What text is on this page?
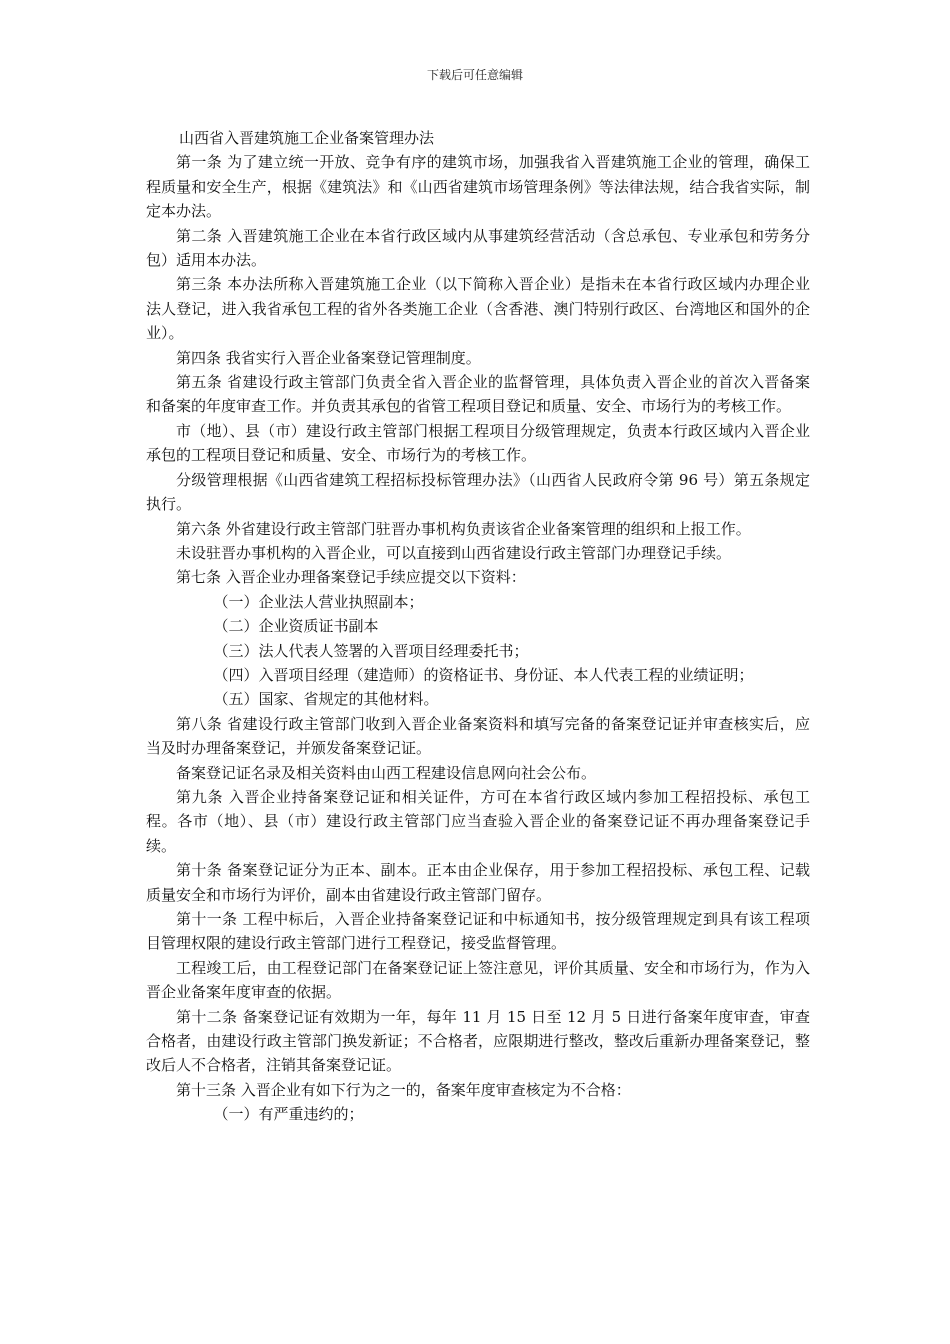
下载后可任意编辑

山西省入晋建筑施工企业备案管理办法

第一条 为了建立统一开放、竞争有序的建筑市场，加强我省入晋建筑施工企业的管理，确保工程质量和安全生产，根据《建筑法》和《山西省建筑市场管理条例》等法律法规，结合我省实际，制定本办法。

第二条 入晋建筑施工企业在本省行政区域内从事建筑经营活动（含总承包、专业承包和劳务分包）适用本办法。

第三条 本办法所称入晋建筑施工企业（以下简称入晋企业）是指未在本省行政区域内办理企业法人登记，进入我省承包工程的省外各类施工企业（含香港、澳门特别行政区、台湾地区和国外的企业）。

第四条 我省实行入晋企业备案登记管理制度。

第五条 省建设行政主管部门负责全省入晋企业的监督管理，具体负责入晋企业的首次入晋备案和备案的年度审查工作。并负责其承包的省管工程项目登记和质量、安全、市场行为的考核工作。

市（地）、县（市）建设行政主管部门根据工程项目分级管理规定，负责本行政区域内入晋企业承包的工程项目登记和质量、安全、市场行为的考核工作。

分级管理根据《山西省建筑工程招标投标管理办法》（山西省人民政府令第 96 号）第五条规定执行。

第六条 外省建设行政主管部门驻晋办事机构负责该省企业备案管理的组织和上报工作。

未设驻晋办事机构的入晋企业，可以直接到山西省建设行政主管部门办理登记手续。

第七条 入晋企业办理备案登记手续应提交以下资料：

（一）企业法人营业执照副本；

（二）企业资质证书副本

（三）法人代表人签署的入晋项目经理委托书；

（四）入晋项目经理（建造师）的资格证书、身份证、本人代表工程的业绩证明；

（五）国家、省规定的其他材料。

第八条 省建设行政主管部门收到入晋企业备案资料和填写完备的备案登记证并审查核实后，应当及时办理备案登记，并颁发备案登记证。

备案登记证名录及相关资料由山西工程建设信息网向社会公布。

第九条 入晋企业持备案登记证和相关证件，方可在本省行政区域内参加工程招投标、承包工程。各市（地）、县（市）建设行政主管部门应当查验入晋企业的备案登记证不再办理备案登记手续。

第十条 备案登记证分为正本、副本。正本由企业保存，用于参加工程招投标、承包工程、记载质量安全和市场行为评价，副本由省建设行政主管部门留存。

第十一条 工程中标后，入晋企业持备案登记证和中标通知书，按分级管理规定到具有该工程项目管理权限的建设行政主管部门进行工程登记，接受监督管理。

工程竣工后，由工程登记部门在备案登记证上签注意见，评价其质量、安全和市场行为，作为入晋企业备案年度审查的依据。

第十二条 备案登记证有效期为一年，每年 11 月 15 日至 12 月 5 日进行备案年度审查，审查合格者，由建设行政主管部门换发新证；不合格者，应限期进行整改，整改后重新办理备案登记，整改后人不合格者，注销其备案登记证。

第十三条 入晋企业有如下行为之一的，备案年度审查核定为不合格：

（一）有严重违约的；
